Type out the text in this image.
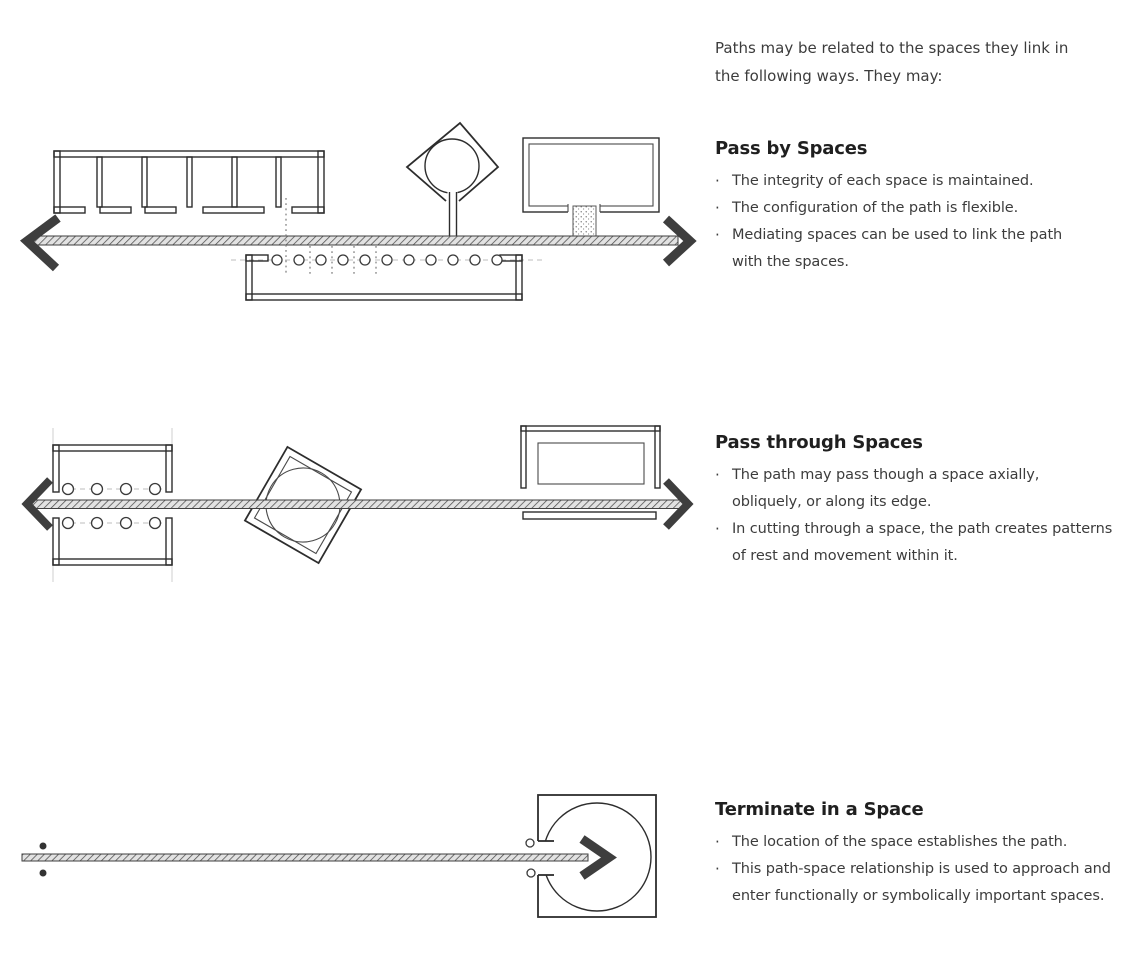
Paths may be related to the spaces they link in
the following ways. They may:
Pass by Spaces
· The integrity of each space is maintained.
· The configuration of the path is flexible.
· Mediating spaces can be used to link the path
with the spaces.
Pass through Spaces
· The path may pass though a space axially,
obliquely, or along its edge.
· In cutting through a space, the path creates patterns
of rest and movement within it.
Terminate in a Space
· The location of the space establishes the path.
· This path-space relationship is used to approach and
enter functionally or symbolically important spaces.
